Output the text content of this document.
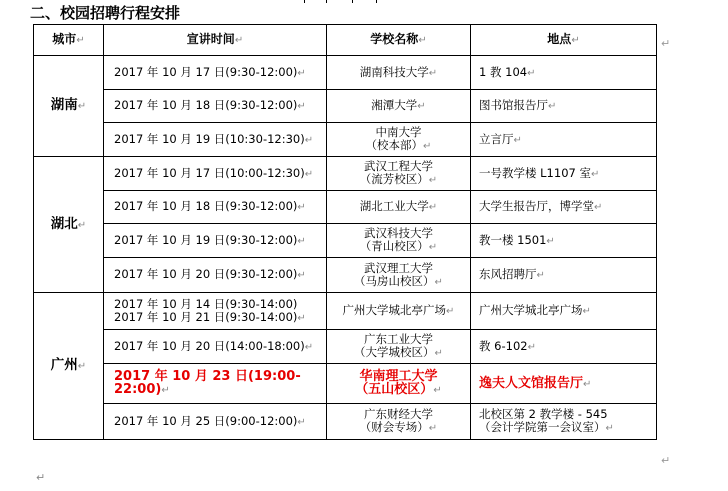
二、校园招聘行程安排
城市↵	宣讲时间↵	学校名称↵	地点↵
湖南↵	2017 年 10 月 17 日(9:30-12:00)↵	湖南科技大学↵	1 教 104↵

	2017 年 10 月 18 日(9:30-12:00)↵	湘潭大学↵	图书馆报告厅↵

	2017 年 10 月 19 日(10:30-12:30)↵	中南大学
（校本部）↵	立言厅↵

湖北↵	2017 年 10 月 17 日(10:00-12:30)↵	武汉工程大学
（流芳校区）↵	一号教学楼 L1107 室↵

	2017 年 10 月 18 日(9:30-12:00)↵	湖北工业大学↵	大学生报告厅，博学堂↵

	2017 年 10 月 19 日(9:30-12:00)↵	武汉科技大学
（青山校区）↵	教一楼 1501↵

	2017 年 10 月 20 日(9:30-12:00)↵	武汉理工大学
（马房山校区）↵	东风招聘厅↵

广州↵	2017 年 10 月 14 日(9:30-14:00)
2017 年 10 月 21 日(9:30-14:00)↵	广州大学城北亭广场↵	广州大学城北亭广场↵

	2017 年 10 月 20 日(14:00-18:00)↵	广东工业大学
（大学城校区）↵	教 6-102↵

	2017 年 10 月 23 日(19:00-
22:00)↵	华南理工大学
（五山校区）↵	逸夫人文馆报告厅↵

	2017 年 10 月 25 日(9:00-12:00)↵	广东财经大学
（财会专场）↵	北校区第 2 教学楼 - 545
（会计学院第一会议室）↵
↵
↵
↵
